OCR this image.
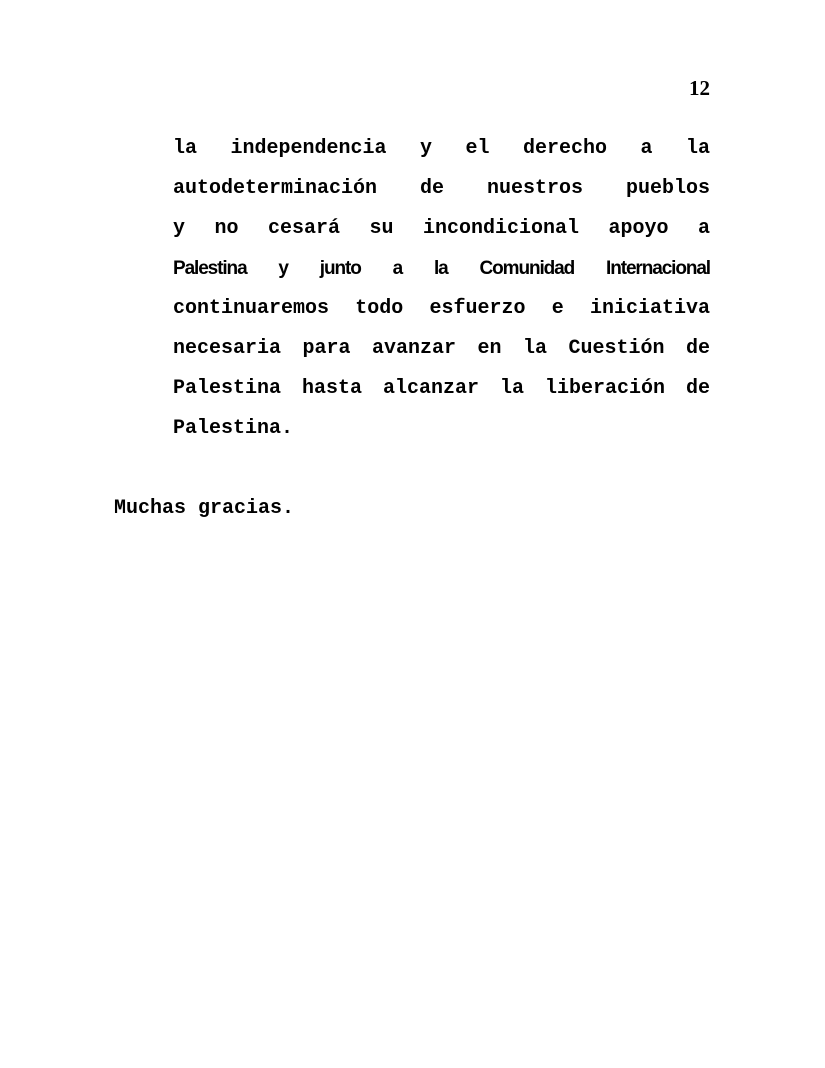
12
la independencia y el derecho a la
autodeterminación de nuestros pueblos
y no cesará su incondicional apoyo a
Palestina y junto a la Comunidad Internacional
continuaremos todo esfuerzo e iniciativa
necesaria para avanzar en la Cuestión de
Palestina hasta alcanzar la liberación de
Palestina.
Muchas gracias.
